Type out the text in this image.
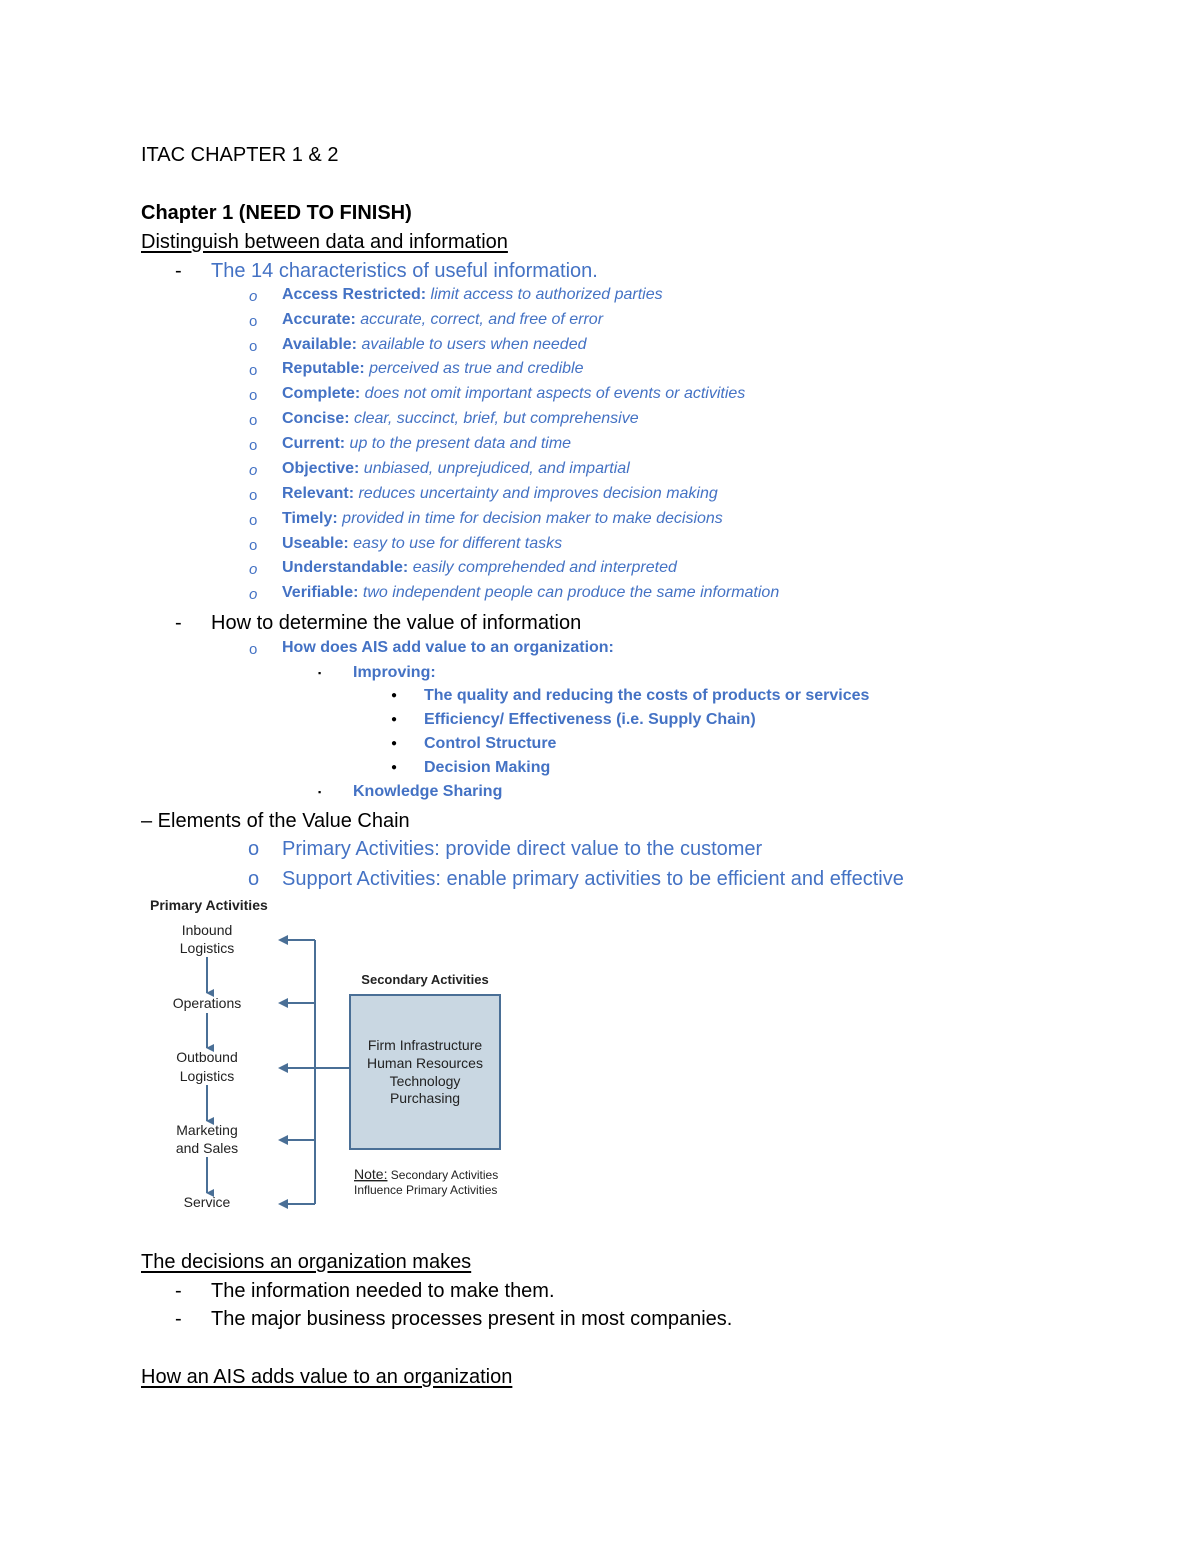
ITAC CHAPTER 1 & 2
Chapter 1 (NEED TO FINISH)
Distinguish between data and information
- The 14 characteristics of useful information.
o Access Restricted: limit access to authorized parties
o Accurate: accurate, correct, and free of error
o Available: available to users when needed
o Reputable: perceived as true and credible
o Complete: does not omit important aspects of events or activities
o Concise: clear, succinct, brief, but comprehensive
o Current: up to the present data and time
o Objective: unbiased, unprejudiced, and impartial
o Relevant: reduces uncertainty and improves decision making
o Timely: provided in time for decision maker to make decisions
o Useable: easy to use for different tasks
o Understandable: easily comprehended and interpreted
o Verifiable: two independent people can produce the same information
- How to determine the value of information
o How does AIS add value to an organization:
▪ Improving:
● The quality and reducing the costs of products or services
● Efficiency/ Effectiveness (i.e. Supply Chain)
● Control Structure
● Decision Making
▪ Knowledge Sharing
– Elements of the Value Chain
o Primary Activities: provide direct value to the customer
o Support Activities: enable primary activities to be efficient and effective
Primary Activities
Inbound
Logistics
Operations
Outbound
Logistics
Marketing
and Sales
Service
Secondary Activities
Firm Infrastructure
Human Resources
Technology
Purchasing
Note: Secondary Activities
Influence Primary Activities
The decisions an organization makes
- The information needed to make them.
- The major business processes present in most companies.
How an AIS adds value to an organization
